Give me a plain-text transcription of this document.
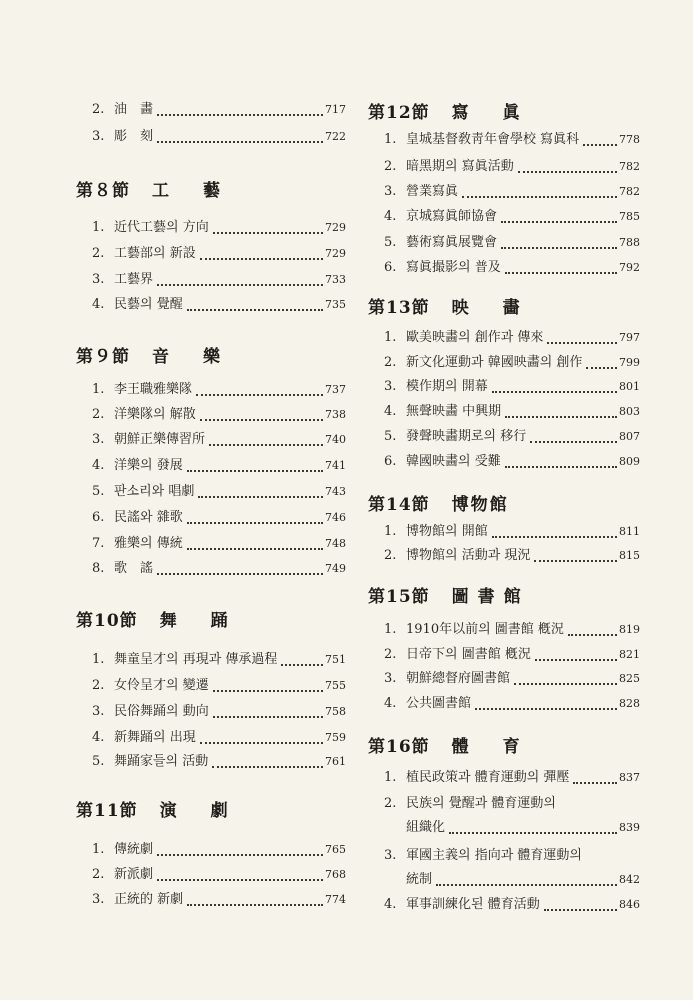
2. 油　畵	717
3. 彫　刻	722
第８節 工藝
1. 近代工藝의 方向	729
2. 工藝部의 新設	729
3. 工藝界	733
4. 民藝의 覺醒	735
第９節 音樂
1. 李王職雅樂隊	737
2. 洋樂隊의 解散	738
3. 朝鮮正樂傳習所	740
4. 洋樂의 發展	741
5. 판소리와 唱劇	743
6. 民謠와 雜歌	746
7. 雅樂의 傳統	748
8. 歌　謠	749
第10節 舞踊
1. 舞童呈才의 再現과 傳承過程	751
2. 女伶呈才의 變遷	755
3. 民俗舞踊의 動向	758
4. 新舞踊의 出現	759
5. 舞踊家들의 活動	761
第11節 演劇
1. 傳統劇	765
2. 新派劇	768
3. 正統的 新劇	774
第12節 寫眞
1. 皇城基督敎靑年會學校 寫眞科	778
2. 暗黑期의 寫眞活動	782
3. 營業寫眞	782
4. 京城寫眞師協會	785
5. 藝術寫眞展覽會	788
6. 寫眞撮影의 普及	792
第13節 映畵
1. 歐美映畵의 創作과 傳來	797
2. 新文化運動과 韓國映畵의 創作	799
3. 模作期의 開幕	801
4. 無聲映畵 中興期	803
5. 發聲映畵期로의 移行	807
6. 韓國映畵의 受難	809
第14節 博物館
1. 博物館의 開館	811
2. 博物館의 活動과 現況	815
第15節 圖書館
1. 1910年以前의 圖書館 槪況	819
2. 日帝下의 圖書館 槪況	821
3. 朝鮮總督府圖書館	825
4. 公共圖書館	828
第16節 體育
1. 植民政策과 體育運動의 彈壓	837
2. 民族의 覺醒과 體育運動의
組織化	839
3. 軍國主義의 指向과 體育運動의
統制	842
4. 軍事訓練化된 體育活動	846
